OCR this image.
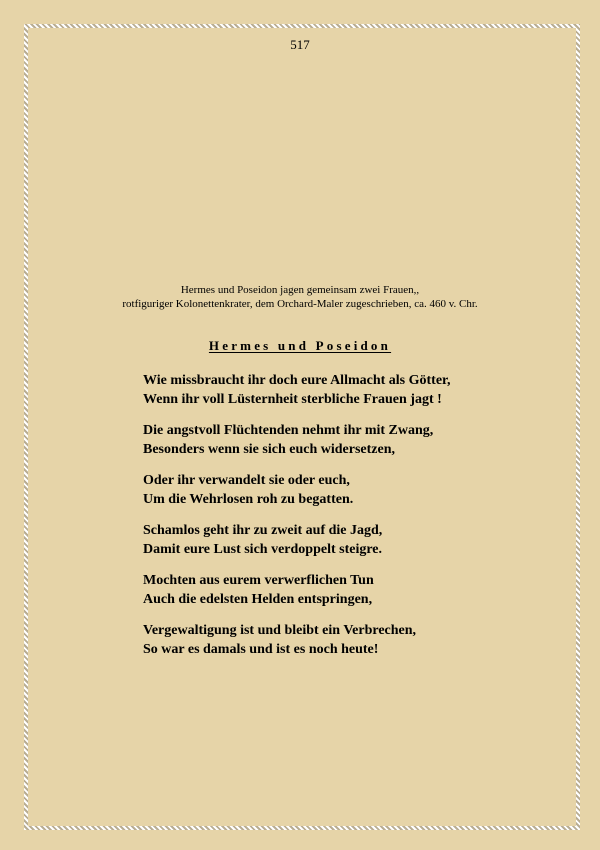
517
Hermes und Poseidon jagen gemeinsam zwei Frauen,,
rotfiguriger Kolonettenkrater, dem Orchard-Maler zugeschrieben, ca. 460 v. Chr.
Hermes und Poseidon
Wie missbraucht ihr doch eure Allmacht als Götter,
Wenn ihr voll Lüsternheit sterbliche Frauen jagt !
Die angstvoll Flüchtenden nehmt ihr mit Zwang,
Besonders wenn sie sich euch widersetzen,
Oder ihr verwandelt sie oder euch,
Um die Wehrlosen roh zu begatten.
Schamlos geht ihr zu zweit auf die Jagd,
Damit eure Lust sich verdoppelt steigre.
Mochten aus eurem verwerflichen Tun
Auch die edelsten Helden entspringen,
Vergewaltigung ist und bleibt ein Verbrechen,
So war es damals und ist es noch heute!
